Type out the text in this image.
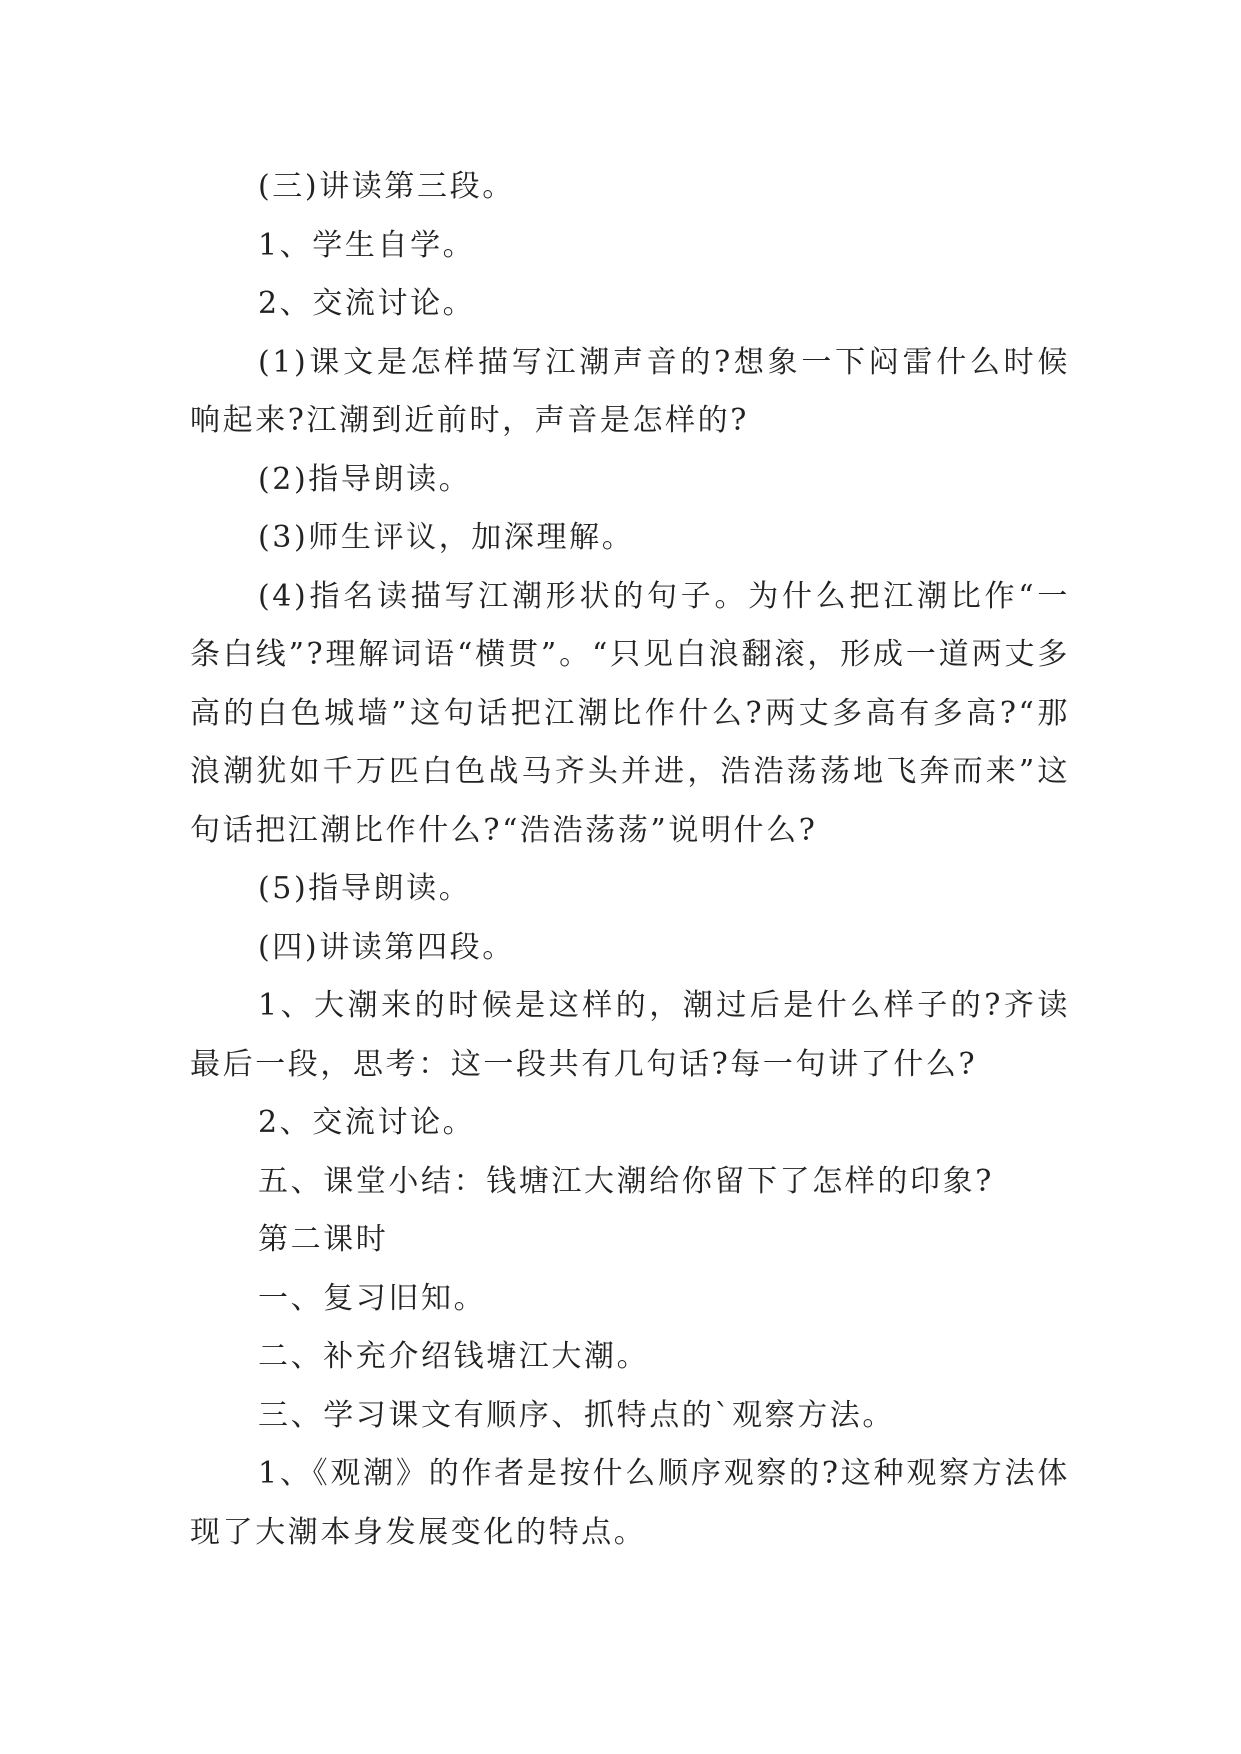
(三)讲读第三段。

1、学生自学。

2、交流讨论。

(1)课文是怎样描写江潮声音的?想象一下闷雷什么时候响起来?江潮到近前时，声音是怎样的?

(2)指导朗读。

(3)师生评议，加深理解。

(4)指名读描写江潮形状的句子。为什么把江潮比作“一条白线”?理解词语“横贯”。“只见白浪翻滚，形成一道两丈多高的白色城墙”这句话把江潮比作什么?两丈多高有多高?“那浪潮犹如千万匹白色战马齐头并进，浩浩荡荡地飞奔而来”这句话把江潮比作什么?“浩浩荡荡”说明什么?

(5)指导朗读。

(四)讲读第四段。

1、大潮来的时候是这样的，潮过后是什么样子的?齐读最后一段，思考：这一段共有几句话?每一句讲了什么?

2、交流讨论。

五、课堂小结：钱塘江大潮给你留下了怎样的印象?

第二课时

一、复习旧知。

二、补充介绍钱塘江大潮。

三、学习课文有顺序、抓特点的`观察方法。

1、《观潮》的作者是按什么顺序观察的?这种观察方法体现了大潮本身发展变化的特点。
